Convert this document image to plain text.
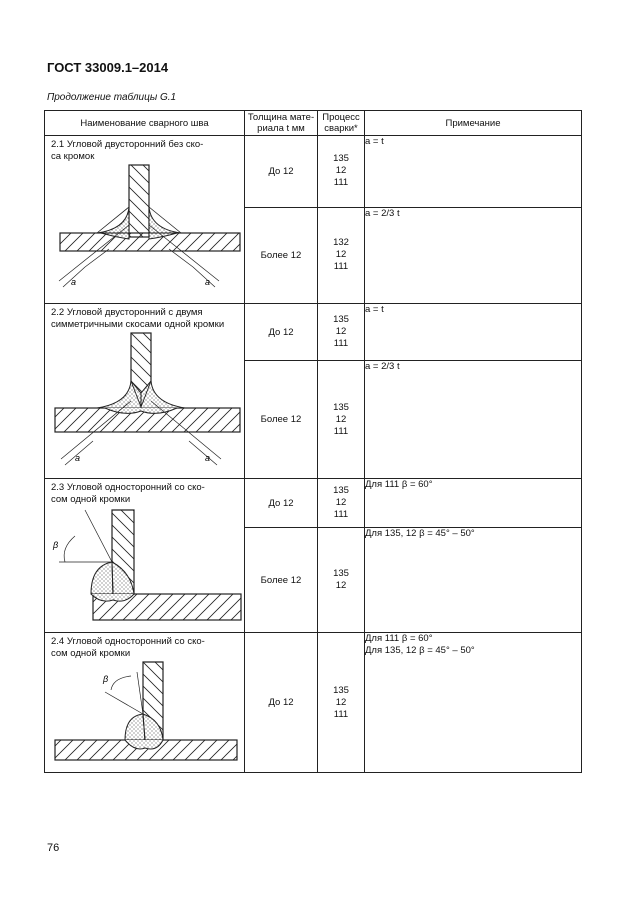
ГОСТ 33009.1–2014
Продолжение таблицы G.1
Наименование сварного шва	Толщина мате-
риала t мм	Процесс
сварки*	Примечание

2.1 Угловой двусторонний без ско-
са кромок
a a	До 12	135
12
111	a = t

	Более 12	132
12
111	a = 2/3 t

2.2 Угловой двусторонний с двумя
симметричными скосами одной кромки
a a	До 12	135
12
111	a = t

	Более 12	135
12
111	a = 2/3 t

2.3 Угловой односторонний со ско-
сом одной кромки
β	До 12	135
12
111	Для 111 β = 60°

	Более 12	135
12	Для 135, 12 β = 45° – 50°

2.4 Угловой односторонний со ско-
сом одной кромки
β	До 12	135
12
111	Для 111 β = 60°
Для 135, 12 β = 45° – 50°
76
